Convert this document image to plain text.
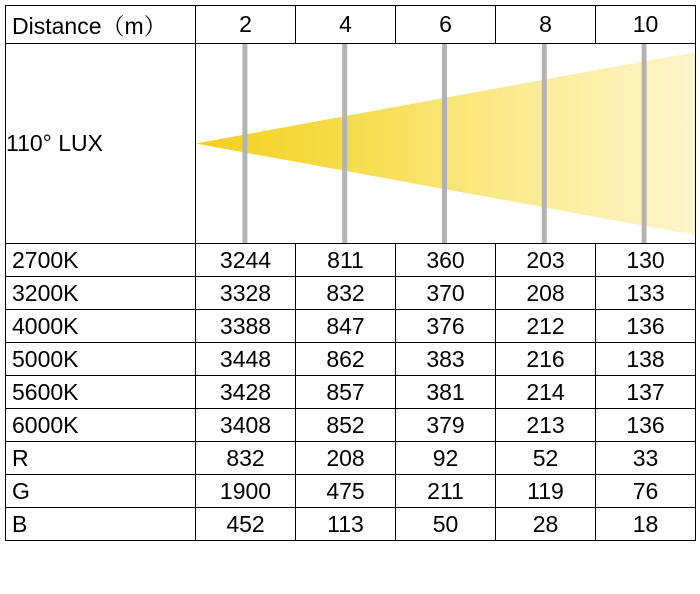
Distance（m）	2	4	6	8	10
110° LUX	

2700K	3244	811	360	203	130
3200K	3328	832	370	208	133
4000K	3388	847	376	212	136
5000K	3448	862	383	216	138
5600K	3428	857	381	214	137
6000K	3408	852	379	213	136
R	832	208	92	52	33
G	1900	475	211	119	76
B	452	113	50	28	18
